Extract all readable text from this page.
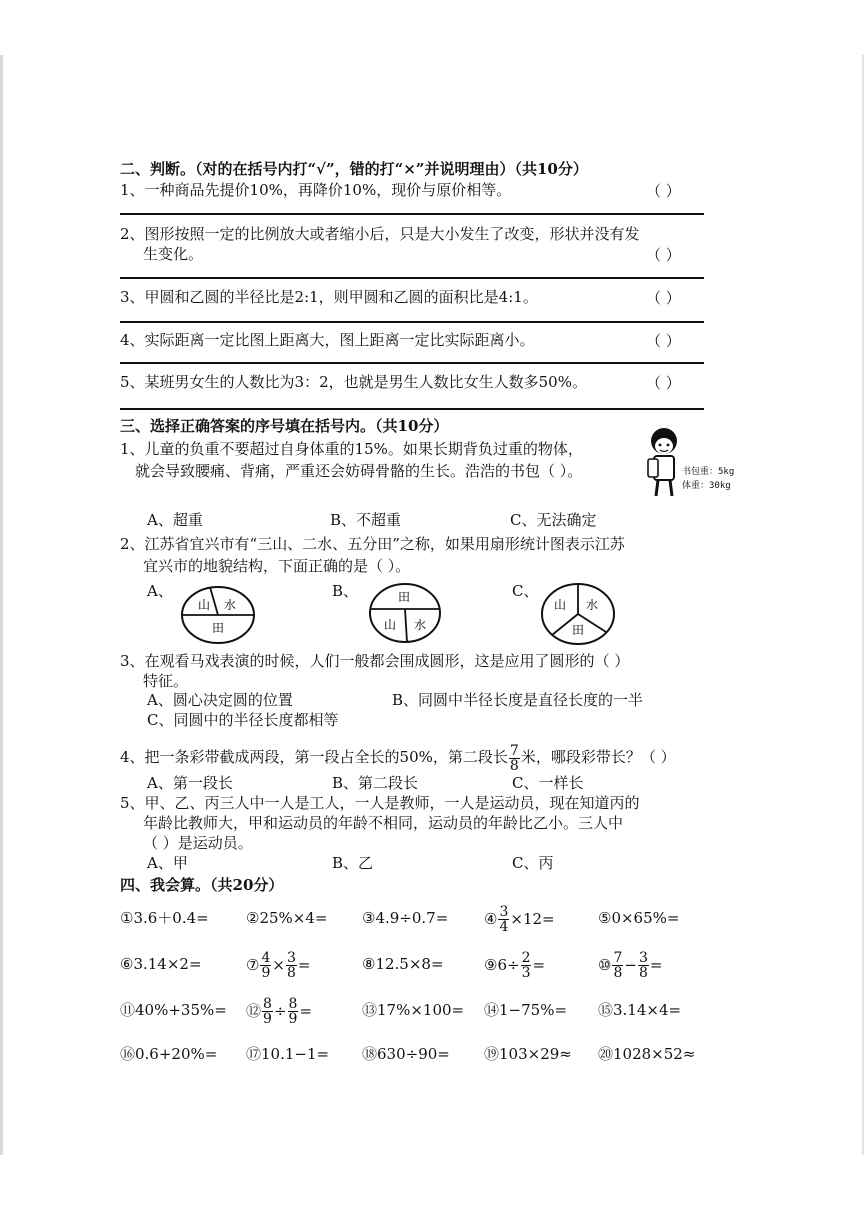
二、判断。（对的在括号内打“√”，错的打“×”并说明理由）（共10分）
1、一种商品先提价10%，再降价10%，现价与原价相等。	（ ）
2、图形按照一定的比例放大或者缩小后，只是大小发生了改变，形状并没有发
生变化。	（ ）
3、甲圆和乙圆的半径比是2:1，则甲圆和乙圆的面积比是4:1。	（ ）
4、实际距离一定比图上距离大，图上距离一定比实际距离小。	（ ）
5、某班男女生的人数比为3：2，也就是男生人数比女生人数多50%。	（ ）
三、选择正确答案的序号填在括号内。（共10分）
1、儿童的负重不要超过自身体重的15%。如果长期背负过重的物体，
就会导致腰痛、背痛，严重还会妨碍骨骼的生长。浩浩的书包（ ）。	书包重：5kg
体重：30kg
A、超重	B、不超重	C、无法确定
2、江苏省宜兴市有“三山、二水、五分田”之称，如果用扇形统计图表示江苏
宜兴市的地貌结构，下面正确的是（ ）。
A、
山 水
田
B、	田
山 水
C、
山 水
田
3、在观看马戏表演的时候，人们一般都会围成圆形，这是应用了圆形的（ ）
特征。
A、圆心决定圆的位置	B、同圆中半径长度是直径长度的一半
C、同圆中的半径长度都相等
4、把一条彩带截成两段，第一段占全长的50%，第二段长 $\frac{7}{8}$ 米，哪段彩带长？（ ）
A、第一段长	B、第二段长	C、一样长
5、甲、乙、丙三人中一人是工人，一人是教师，一人是运动员，现在知道丙的
年龄比教师大，甲和运动员的年龄不相同，运动员的年龄比乙小。三人中
（ ）是运动员。
A、甲	B、乙	C、丙
四、我会算。（共20分）
①3.6＋0.4= ②25%×4= ③4.9÷0.7= ④ $\frac{3}{4} \times 12=$	⑤0×65%=
⑥3.14×2=	⑦ $\frac{4}{9} \times \frac{3}{8}$ =	⑧12.5×8=	⑨6÷ $\frac{2}{3}$ =	⑩ $\frac{7}{8} - \frac{3}{8}$ =
⑪40%+35%= ⑫ $\frac{8}{9} \div \frac{8}{9}$ =	⑬17%×100= ⑭1−75%= ⑮3.14×4=
⑯0.6+20%= ⑰10.1−1= ⑱630÷90= ⑲103×29≈ ⑳1028×52≈
